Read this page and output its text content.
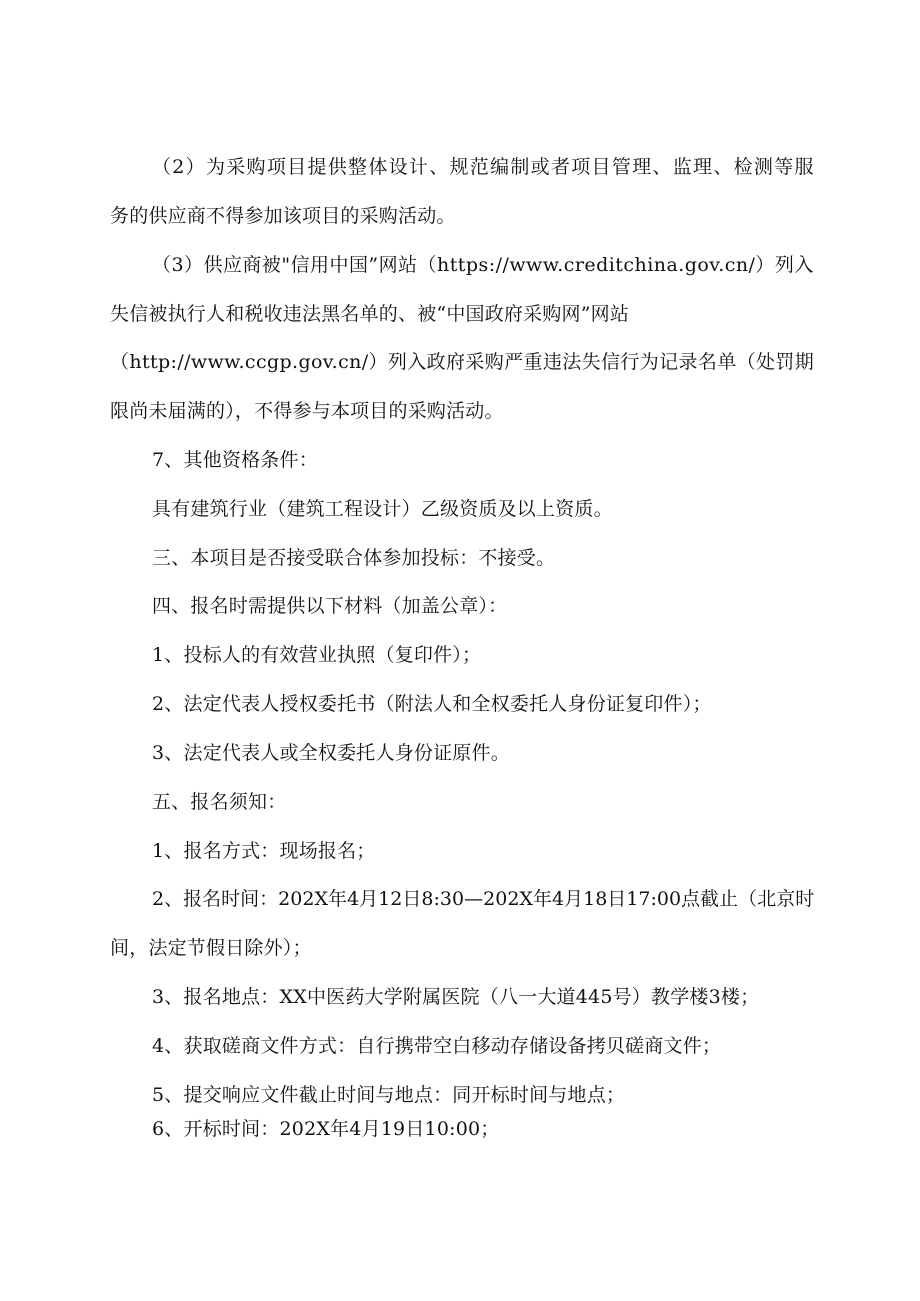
（2）为采购项目提供整体设计、规范编制或者项目管理、监理、检测等服
务的供应商不得参加该项目的采购活动。
（3）供应商被"信用中国”网站（https://www.creditchina.gov.cn/）列入
失信被执行人和税收违法黑名单的、被“中国政府采购网”网站
（http://www.ccgp.gov.cn/）列入政府采购严重违法失信行为记录名单（处罚期
限尚未届满的），不得参与本项目的采购活动。
7、其他资格条件：
具有建筑行业（建筑工程设计）乙级资质及以上资质。
三、本项目是否接受联合体参加投标：不接受。
四、报名时需提供以下材料（加盖公章）：
1、投标人的有效营业执照（复印件）；
2、法定代表人授权委托书（附法人和全权委托人身份证复印件）；
3、法定代表人或全权委托人身份证原件。
五、报名须知：
1、报名方式：现场报名；
2、报名时间：202X年4月12日8:30—202X年4月18日17:00点截止（北京时
间，法定节假日除外）；
3、报名地点：XX中医药大学附属医院（八一大道445号）教学楼3楼；
4、获取磋商文件方式：自行携带空白移动存储设备拷贝磋商文件；
5、提交响应文件截止时间与地点：同开标时间与地点；
6、开标时间：202X年4月19日10:00；
